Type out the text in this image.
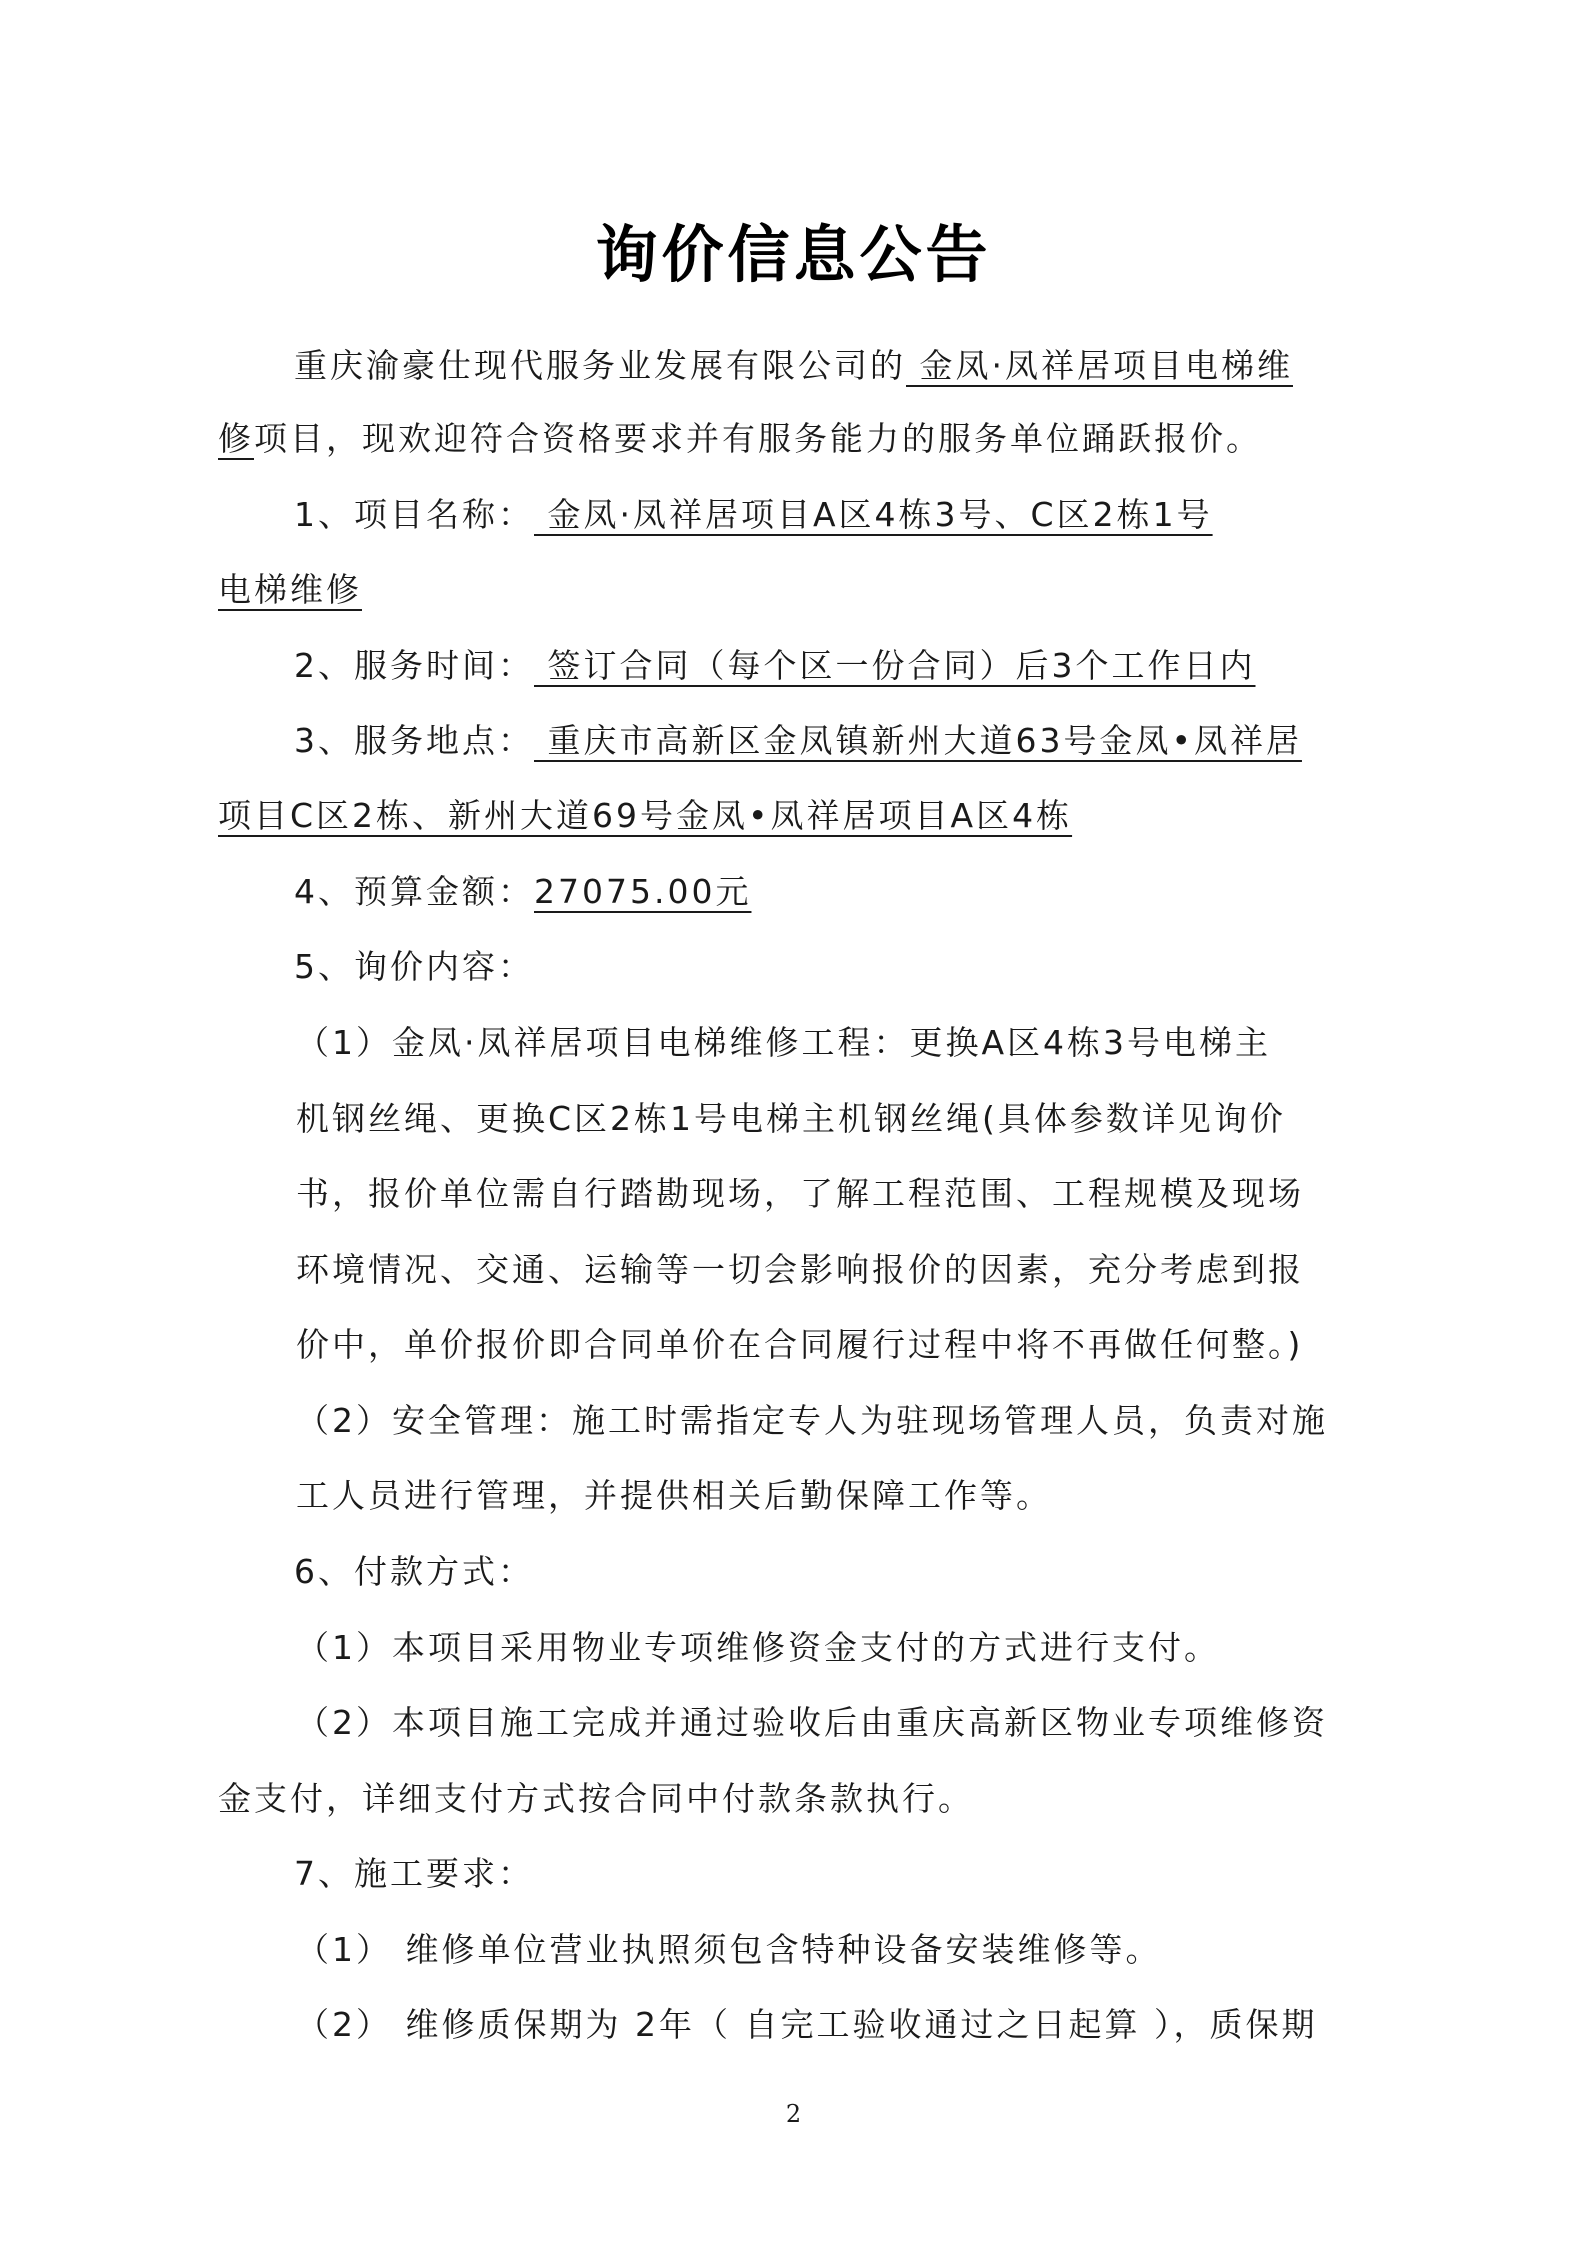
询价信息公告
重庆渝豪仕现代服务业发展有限公司的 金凤·凤祥居项目电梯维
修项目，现欢迎符合资格要求并有服务能力的服务单位踊跃报价。
1、项目名称： 金凤·凤祥居项目A区4栋3号、C区2栋1号
电梯维修
2、服务时间： 签订合同（每个区一份合同）后3个工作日内
3、服务地点： 重庆市高新区金凤镇新州大道63号金凤•凤祥居
项目C区2栋、新州大道69号金凤•凤祥居项目A区4栋
4、预算金额：27075.00元
5、询价内容：
（1）金凤·凤祥居项目电梯维修工程：更换A区4栋3号电梯主
机钢丝绳、更换C区2栋1号电梯主机钢丝绳(具体参数详见询价
书，报价单位需自行踏勘现场，了解工程范围、工程规模及现场
环境情况、交通、运输等一切会影响报价的因素，充分考虑到报
价中，单价报价即合同单价在合同履行过程中将不再做任何整。)
（2）安全管理：施工时需指定专人为驻现场管理人员，负责对施
工人员进行管理，并提供相关后勤保障工作等。
6、付款方式：
（1）本项目采用物业专项维修资金支付的方式进行支付。
（2）本项目施工完成并通过验收后由重庆高新区物业专项维修资
金支付，详细支付方式按合同中付款条款执行。
7、施工要求：
（1） 维修单位营业执照须包含特种设备安装维修等。
（2） 维修质保期为 2年（ 自完工验收通过之日起算 ），质保期
2
